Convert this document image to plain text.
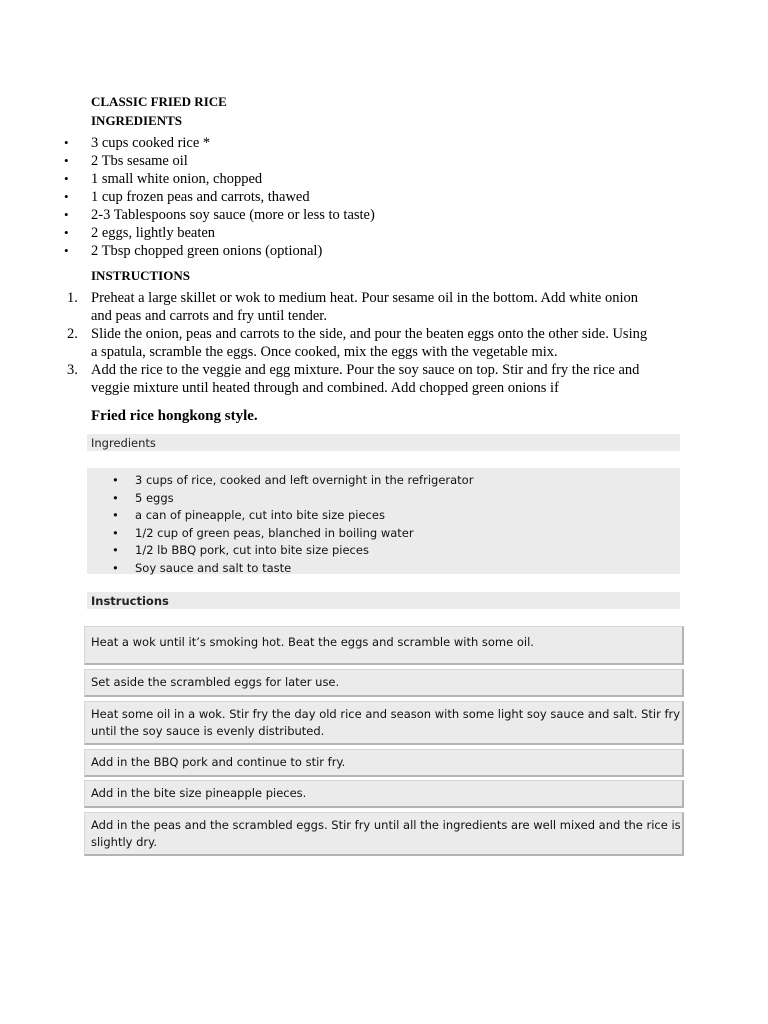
CLASSIC FRIED RICE
INGREDIENTS
• 3 cups cooked rice *
• 2 Tbs sesame oil
• 1 small white onion, chopped
• 1 cup frozen peas and carrots, thawed
• 2-3 Tablespoons soy sauce (more or less to taste)
• 2 eggs, lightly beaten
• 2 Tbsp chopped green onions (optional)
INSTRUCTIONS
1. Preheat a large skillet or wok to medium heat. Pour sesame oil in the bottom. Add white onion
and peas and carrots and fry until tender.
2. Slide the onion, peas and carrots to the side, and pour the beaten eggs onto the other side. Using
a spatula, scramble the eggs. Once cooked, mix the eggs with the vegetable mix.
3. Add the rice to the veggie and egg mixture. Pour the soy sauce on top. Stir and fry the rice and
veggie mixture until heated through and combined. Add chopped green onions if
Fried rice hongkong style.
Ingredients
• 3 cups of rice, cooked and left overnight in the refrigerator
• 5 eggs
• a can of pineapple, cut into bite size pieces
• 1/2 cup of green peas, blanched in boiling water
• 1/2 lb BBQ pork, cut into bite size pieces
• Soy sauce and salt to taste
Instructions
Heat a wok until it’s smoking hot. Beat the eggs and scramble with some oil.
Set aside the scrambled eggs for later use.
Heat some oil in a wok. Stir fry the day old rice and season with some light soy sauce and salt. Stir fry
until the soy sauce is evenly distributed.
Add in the BBQ pork and continue to stir fry.
Add in the bite size pineapple pieces.
Add in the peas and the scrambled eggs. Stir fry until all the ingredients are well mixed and the rice is
slightly dry.
